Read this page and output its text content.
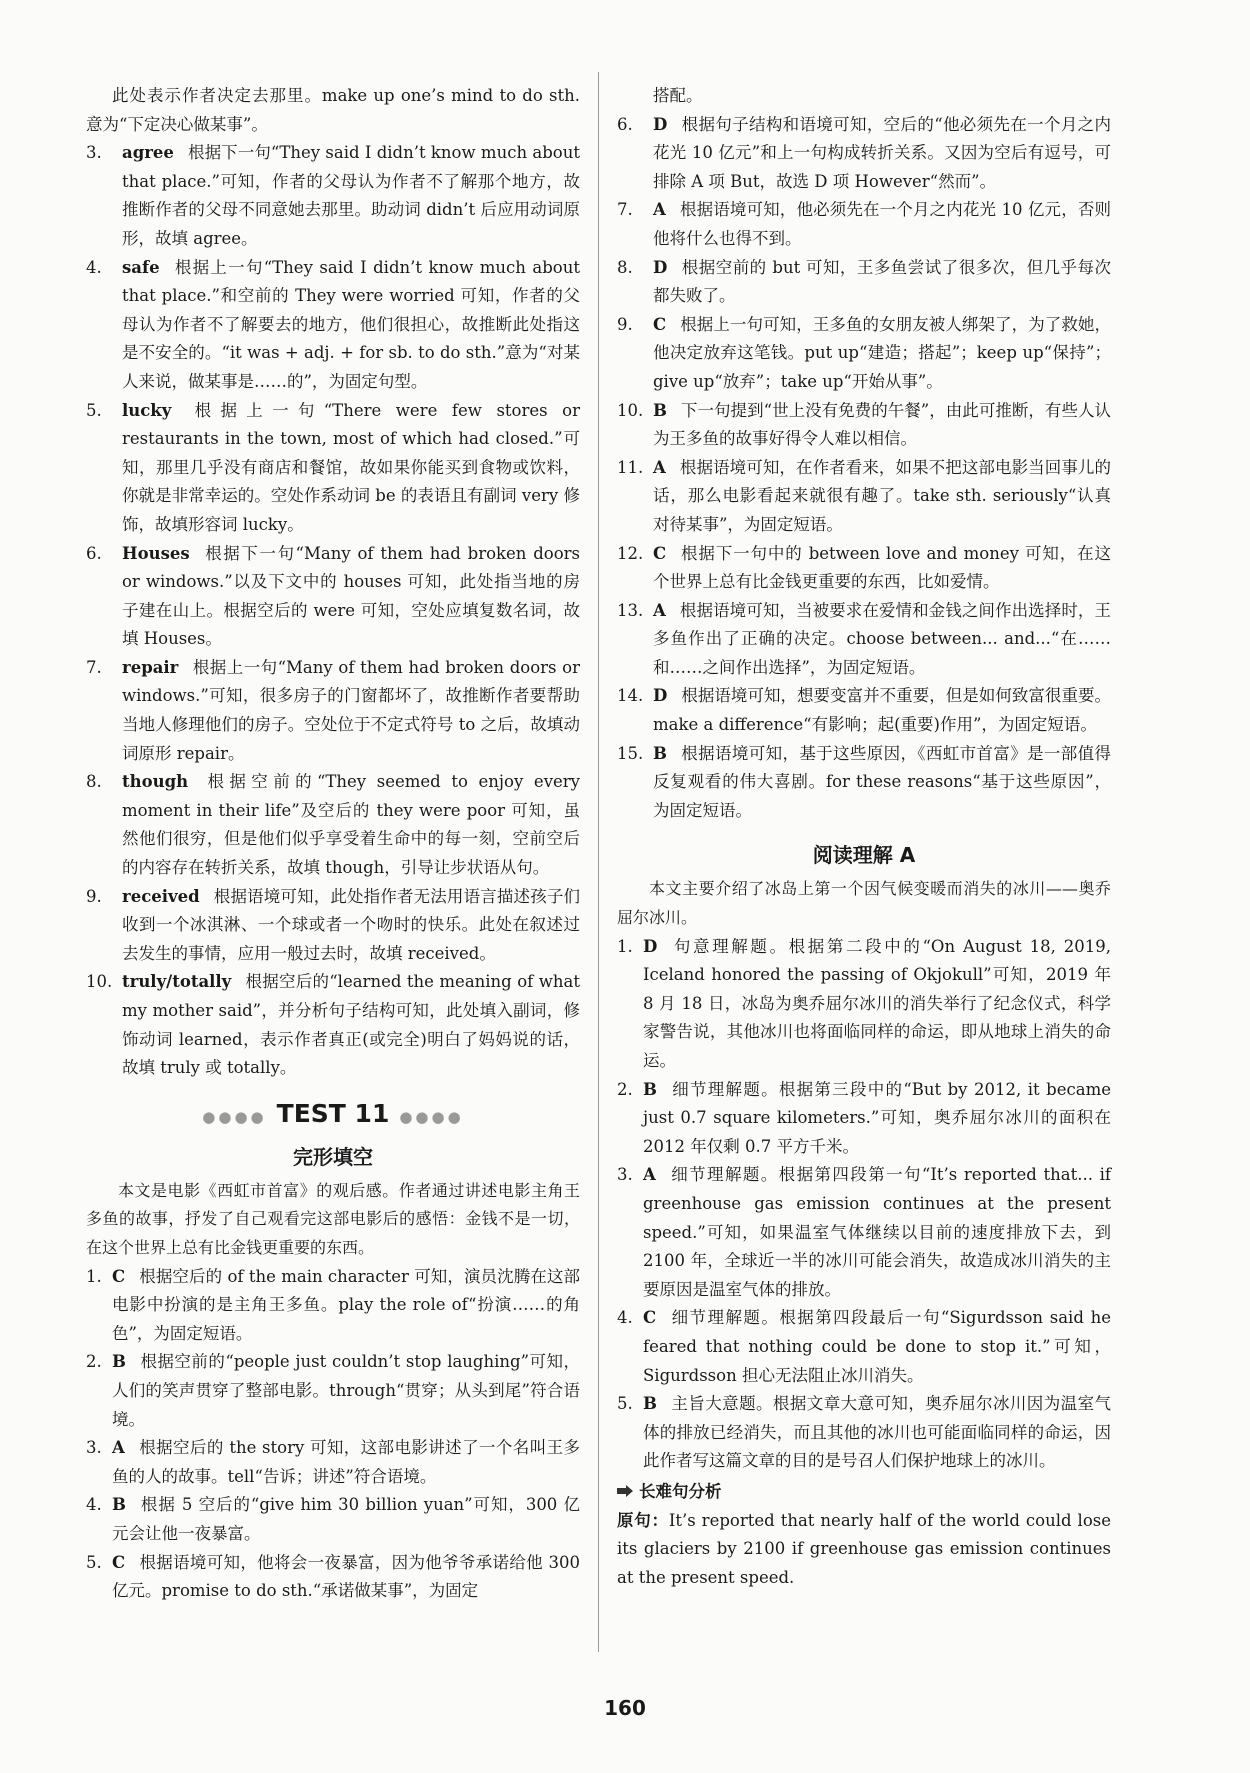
此处表示作者决定去那里。make up one’s mind to do sth. 意为“下定决心做某事”。

3.	agree 根据下一句“They said I didn’t know much about that place.”可知，作者的父母认为作者不了解那个地方，故推断作者的父母不同意她去那里。助动词 didn’t 后应用动词原形，故填 agree。
4.	safe 根据上一句“They said I didn’t know much about that place.”和空前的 They were worried 可知，作者的父母认为作者不了解要去的地方，他们很担心，故推断此处指这是不安全的。“it was + adj. + for sb. to do sth.”意为“对某人来说，做某事是……的”，为固定句型。
5.	lucky 根据上一句“There were few stores or restaurants in the town, most of which had closed.”可知，那里几乎没有商店和餐馆，故如果你能买到食物或饮料，你就是非常幸运的。空处作系动词 be 的表语且有副词 very 修饰，故填形容词 lucky。
6.	Houses 根据下一句“Many of them had broken doors or windows.”以及下文中的 houses 可知，此处指当地的房子建在山上。根据空后的 were 可知，空处应填复数名词，故填 Houses。
7.	repair 根据上一句“Many of them had broken doors or windows.”可知，很多房子的门窗都坏了，故推断作者要帮助当地人修理他们的房子。空处位于不定式符号 to 之后，故填动词原形 repair。
8.	though 根据空前的“They seemed to enjoy every moment in their life”及空后的 they were poor 可知，虽然他们很穷，但是他们似乎享受着生命中的每一刻，空前空后的内容存在转折关系，故填 though，引导让步状语从句。
9.	received 根据语境可知，此处指作者无法用语言描述孩子们收到一个冰淇淋、一个球或者一个吻时的快乐。此处在叙述过去发生的事情，应用一般过去时，故填 received。
10. truly/totally 根据空后的“learned the meaning of what my mother said”，并分析句子结构可知，此处填入副词，修饰动词 learned，表示作者真正(或完全)明白了妈妈说的话，故填 truly 或 totally。
●●●● TEST 11 ●●●●
完形填空

本文是电影《西虹市首富》的观后感。作者通过讲述电影主角王多鱼的故事，抒发了自己观看完这部电影后的感悟：金钱不是一切，在这个世界上总有比金钱更重要的东西。

1. C 根据空后的 of the main character 可知，演员沈腾在这部电影中扮演的是主角王多鱼。play the role of“扮演……的角色”，为固定短语。
2. B 根据空前的“people just couldn’t stop laughing”可知，人们的笑声贯穿了整部电影。through“贯穿；从头到尾”符合语境。
3. A 根据空后的 the story 可知，这部电影讲述了一个名叫王多鱼的人的故事。tell“告诉；讲述”符合语境。
4. B 根据 5 空后的“give him 30 billion yuan”可知，300 亿元会让他一夜暴富。
5. C 根据语境可知，他将会一夜暴富，因为他爷爷承诺给他 300 亿元。promise to do sth.“承诺做某事”，为固定

搭配。

6.	D 根据句子结构和语境可知，空后的“他必须先在一个月之内花光 10 亿元”和上一句构成转折关系。又因为空后有逗号，可排除 A 项 But，故选 D 项 However“然而”。
7.	A 根据语境可知，他必须先在一个月之内花光 10 亿元，否则他将什么也得不到。
8.	D 根据空前的 but 可知，王多鱼尝试了很多次，但几乎每次都失败了。
9.	C 根据上一句可知，王多鱼的女朋友被人绑架了，为了救她，他决定放弃这笔钱。put up“建造；搭起”；keep up“保持”；give up“放弃”；take up“开始从事”。
10. B 下一句提到“世上没有免费的午餐”，由此可推断，有些人认为王多鱼的故事好得令人难以相信。
11. A 根据语境可知，在作者看来，如果不把这部电影当回事儿的话，那么电影看起来就很有趣了。take sth. seriously“认真对待某事”，为固定短语。
12. C 根据下一句中的 between love and money 可知，在这个世界上总有比金钱更重要的东西，比如爱情。
13. A 根据语境可知，当被要求在爱情和金钱之间作出选择时，王多鱼作出了正确的决定。choose between... and...“在……和……之间作出选择”，为固定短语。
14. D 根据语境可知，想要变富并不重要，但是如何致富很重要。make a difference“有影响；起(重要)作用”，为固定短语。
15. B 根据语境可知，基于这些原因，《西虹市首富》是一部值得反复观看的伟大喜剧。for these reasons“基于这些原因”，为固定短语。
阅读理解 A

本文主要介绍了冰岛上第一个因气候变暖而消失的冰川——奥乔屈尔冰川。

1. D 句意理解题。根据第二段中的“On August 18, 2019, Iceland honored the passing of Okjokull”可知，2019 年 8 月 18 日，冰岛为奥乔屈尔冰川的消失举行了纪念仪式，科学家警告说，其他冰川也将面临同样的命运，即从地球上消失的命运。
2. B 细节理解题。根据第三段中的“But by 2012, it became just 0.7 square kilometers.”可知，奥乔屈尔冰川的面积在 2012 年仅剩 0.7 平方千米。
3. A 细节理解题。根据第四段第一句“It’s reported that... if greenhouse gas emission continues at the present speed.”可知，如果温室气体继续以目前的速度排放下去，到 2100 年，全球近一半的冰川可能会消失，故造成冰川消失的主要原因是温室气体的排放。
4. C 细节理解题。根据第四段最后一句“Sigurdsson said he feared that nothing could be done to stop it.”可知，Sigurdsson 担心无法阻止冰川消失。
5. B 主旨大意题。根据文章大意可知，奥乔屈尔冰川因为温室气体的排放已经消失，而且其他的冰川也可能面临同样的命运，因此作者写这篇文章的目的是号召人们保护地球上的冰川。
长难句分析

原句：It’s reported that nearly half of the world could lose its glaciers by 2100 if greenhouse gas emission continues at the present speed.

160
